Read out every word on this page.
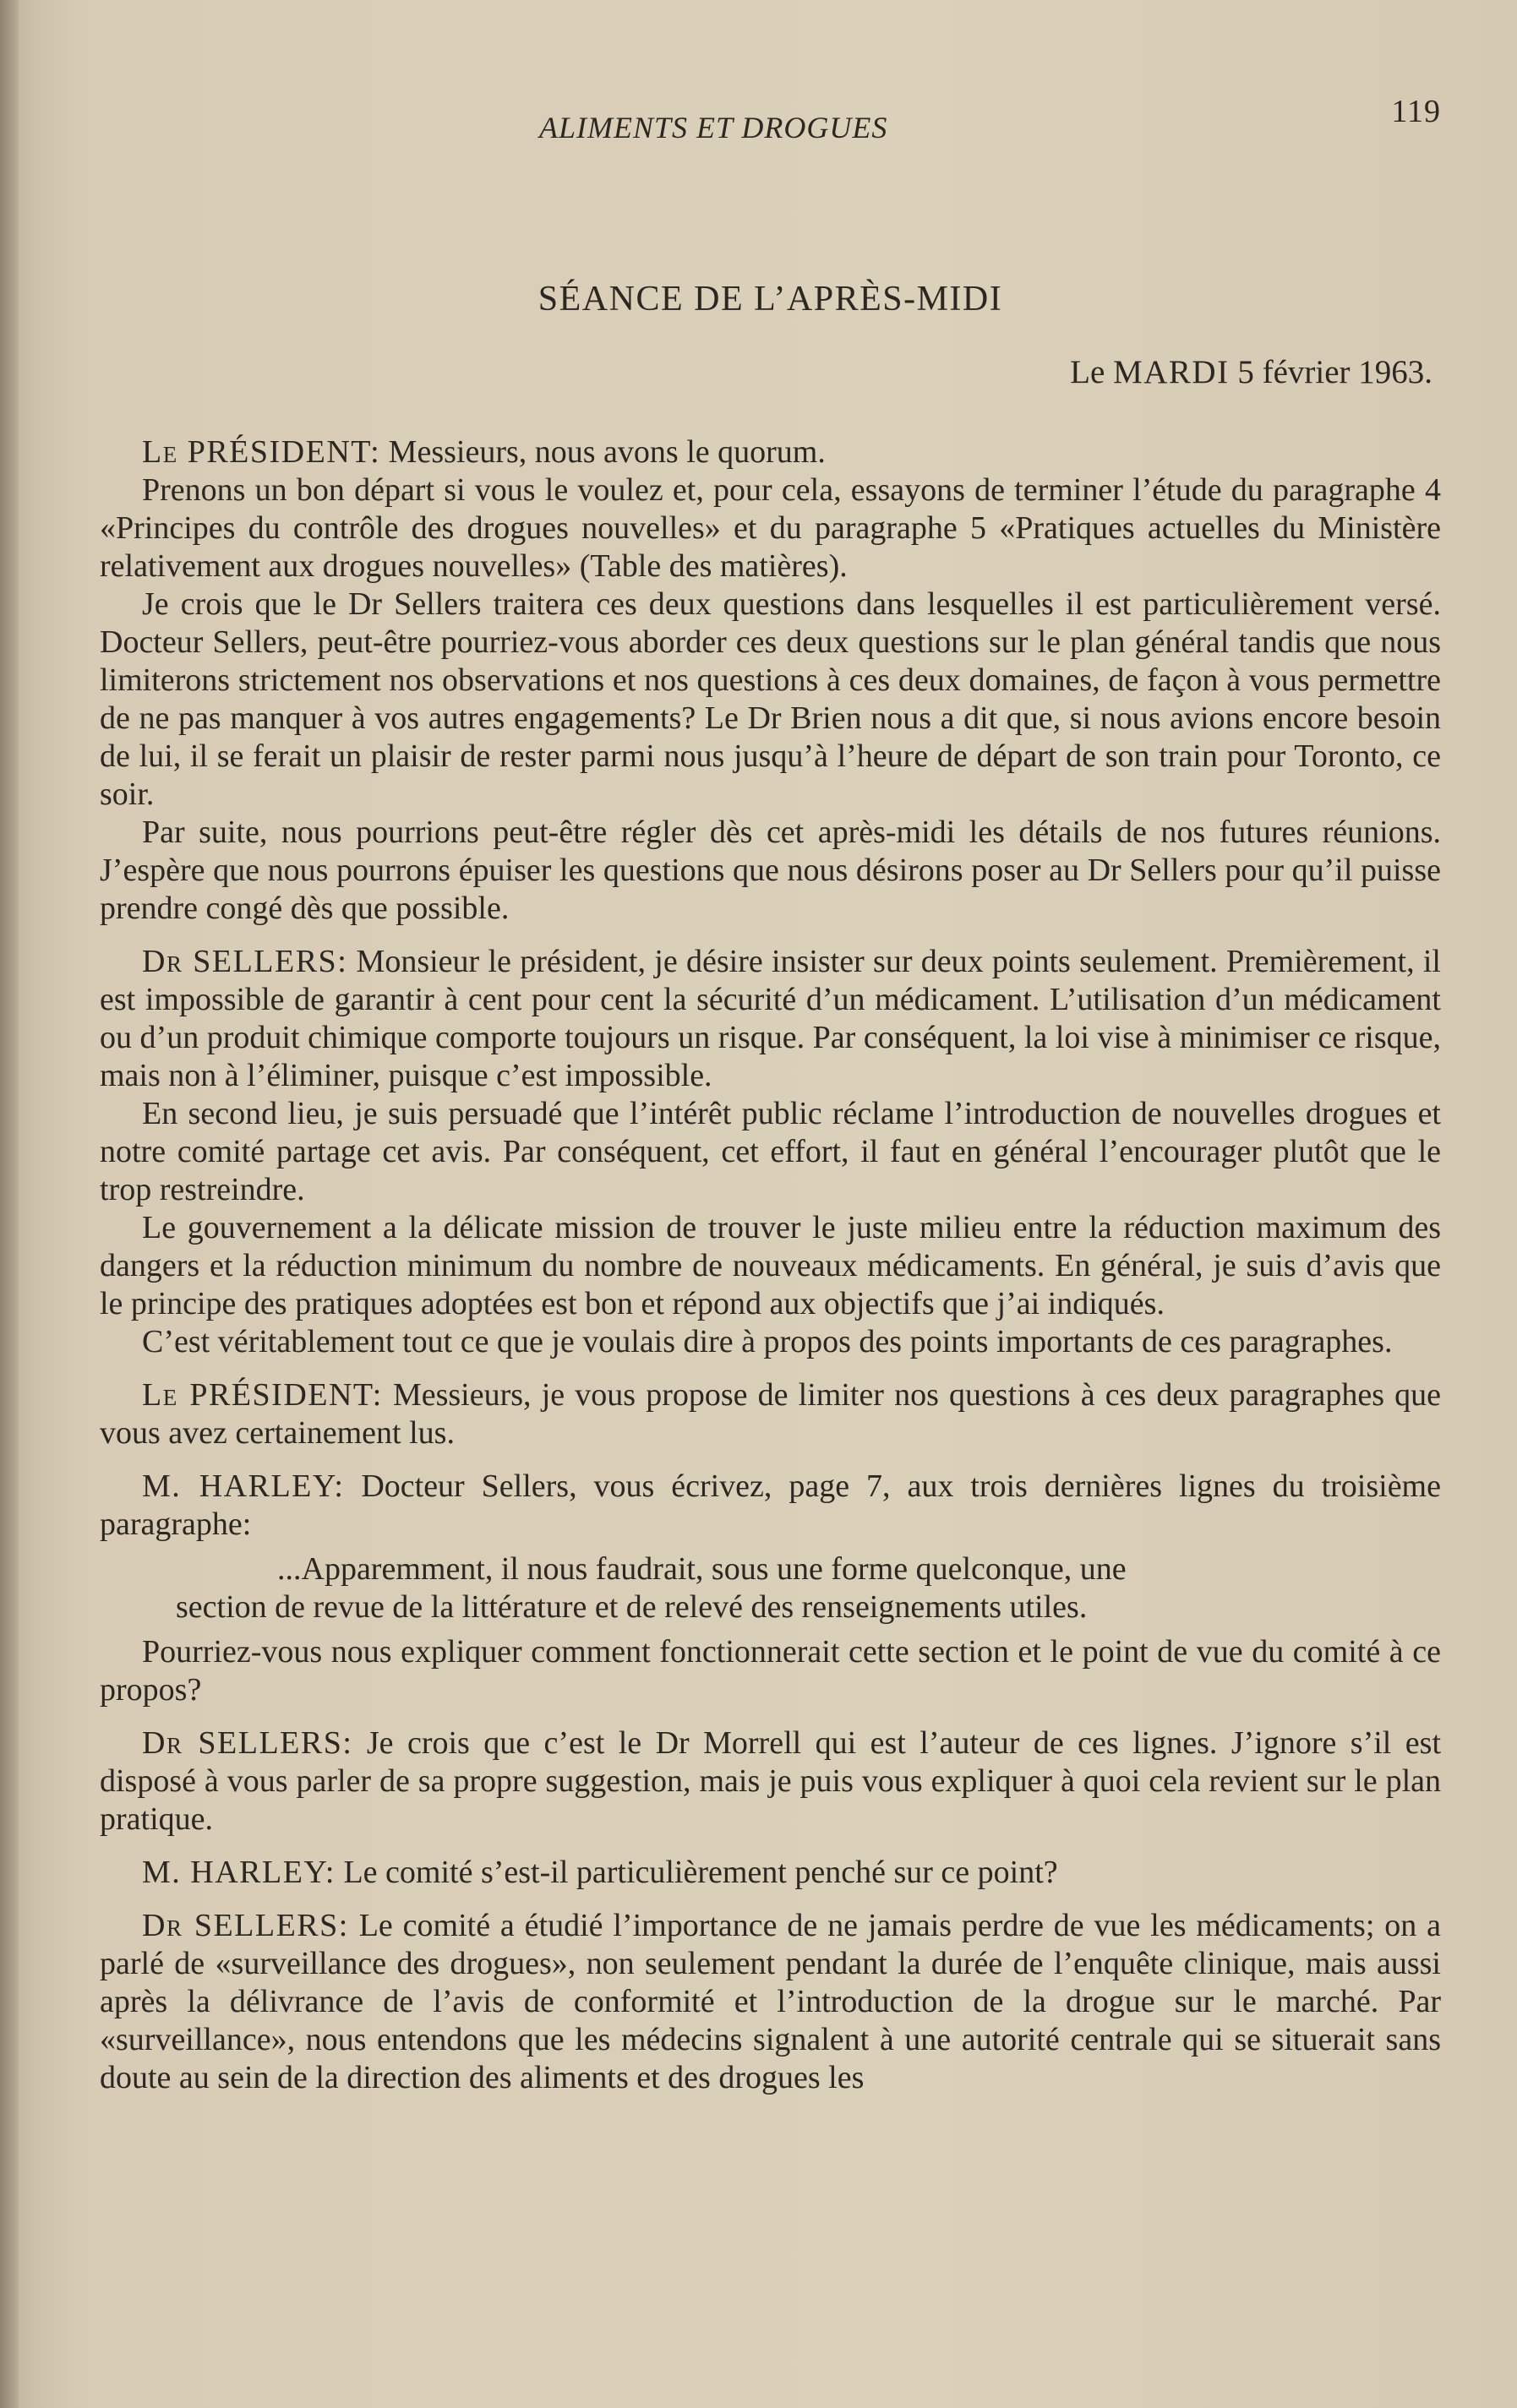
ALIMENTS ET DROGUES	119
SÉANCE DE L’APRÈS-MIDI
Le MARDI 5 février 1963.

Le PRÉSIDENT: Messieurs, nous avons le quorum.

Prenons un bon départ si vous le voulez et, pour cela, essayons de terminer l’étude du paragraphe 4 «Principes du contrôle des drogues nouvelles» et du paragraphe 5 «Pratiques actuelles du Ministère relativement aux drogues nouvelles» (Table des matières).

Je crois que le Dr Sellers traitera ces deux questions dans lesquelles il est particulièrement versé. Docteur Sellers, peut-être pourriez-vous aborder ces deux questions sur le plan général tandis que nous limiterons strictement nos observations et nos questions à ces deux domaines, de façon à vous permettre de ne pas manquer à vos autres engagements? Le Dr Brien nous a dit que, si nous avions encore besoin de lui, il se ferait un plaisir de rester parmi nous jusqu’à l’heure de départ de son train pour Toronto, ce soir.

Par suite, nous pourrions peut-être régler dès cet après-midi les détails de nos futures réunions. J’espère que nous pourrons épuiser les questions que nous désirons poser au Dr Sellers pour qu’il puisse prendre congé dès que possible.

Dr SELLERS: Monsieur le président, je désire insister sur deux points seulement. Premièrement, il est impossible de garantir à cent pour cent la sécurité d’un médicament. L’utilisation d’un médicament ou d’un produit chimique comporte toujours un risque. Par conséquent, la loi vise à minimiser ce risque, mais non à l’éliminer, puisque c’est impossible.

En second lieu, je suis persuadé que l’intérêt public réclame l’introduction de nouvelles drogues et notre comité partage cet avis. Par conséquent, cet effort, il faut en général l’encourager plutôt que le trop restreindre.

Le gouvernement a la délicate mission de trouver le juste milieu entre la réduction maximum des dangers et la réduction minimum du nombre de nouveaux médicaments. En général, je suis d’avis que le principe des pratiques adoptées est bon et répond aux objectifs que j’ai indiqués.

C’est véritablement tout ce que je voulais dire à propos des points importants de ces paragraphes.

Le PRÉSIDENT: Messieurs, je vous propose de limiter nos questions à ces deux paragraphes que vous avez certainement lus.

M. HARLEY: Docteur Sellers, vous écrivez, page 7, aux trois dernières lignes du troisième paragraphe:

...Apparemment, il nous faudrait, sous une forme quelconque, une
section de revue de la littérature et de relevé des renseignements utiles.

Pourriez-vous nous expliquer comment fonctionnerait cette section et le point de vue du comité à ce propos?

Dr SELLERS: Je crois que c’est le Dr Morrell qui est l’auteur de ces lignes. J’ignore s’il est disposé à vous parler de sa propre suggestion, mais je puis vous expliquer à quoi cela revient sur le plan pratique.

M. HARLEY: Le comité s’est-il particulièrement penché sur ce point?

Dr SELLERS: Le comité a étudié l’importance de ne jamais perdre de vue les médicaments; on a parlé de «surveillance des drogues», non seulement pendant la durée de l’enquête clinique, mais aussi après la délivrance de l’avis de conformité et l’introduction de la drogue sur le marché. Par «surveillance», nous entendons que les médecins signalent à une autorité centrale qui se situerait sans doute au sein de la direction des aliments et des drogues les
